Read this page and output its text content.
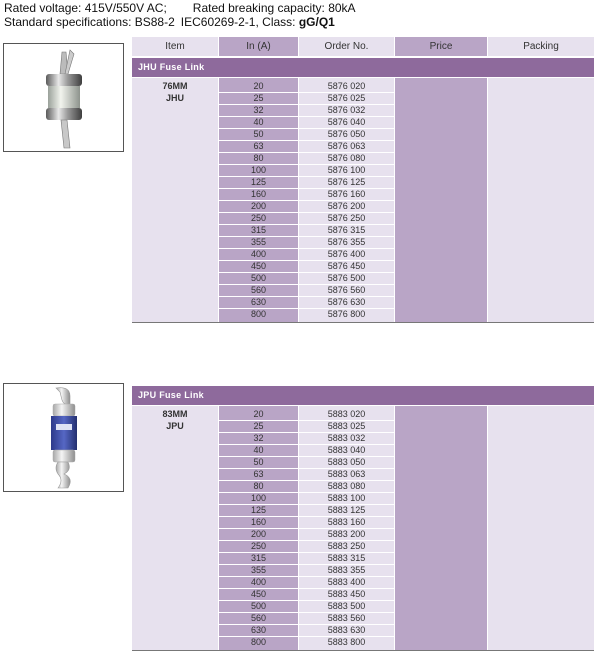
Rated voltage: 415V/550V AC; Rated breaking capacity: 80kA
Standard specifications: BS88-2 IEC60269-2-1, Class: gG/Q1
Item	In (A)	Order No.	Price	Packing
JHU Fuse Link
76MM
JHU
20	5876 020
25	5876 025
32	5876 032
40	5876 040
50	5876 050
63	5876 063
80	5876 080
100	5876 100
125	5876 125
160	5876 160
200	5876 200
250	5876 250
315	5876 315
355	5876 355
400	5876 400
450	5876 450
500	5876 500
560	5876 560
630	5876 630
800	5876 800
JPU Fuse Link
83MM
JPU
20	5883 020
25	5883 025
32	5883 032
40	5883 040
50	5883 050
63	5883 063
80	5883 080
100	5883 100
125	5883 125
160	5883 160
200	5883 200
250	5883 250
315	5883 315
355	5883 355
400	5883 400
450	5883 450
500	5883 500
560	5883 560
630	5883 630
800	5883 800
